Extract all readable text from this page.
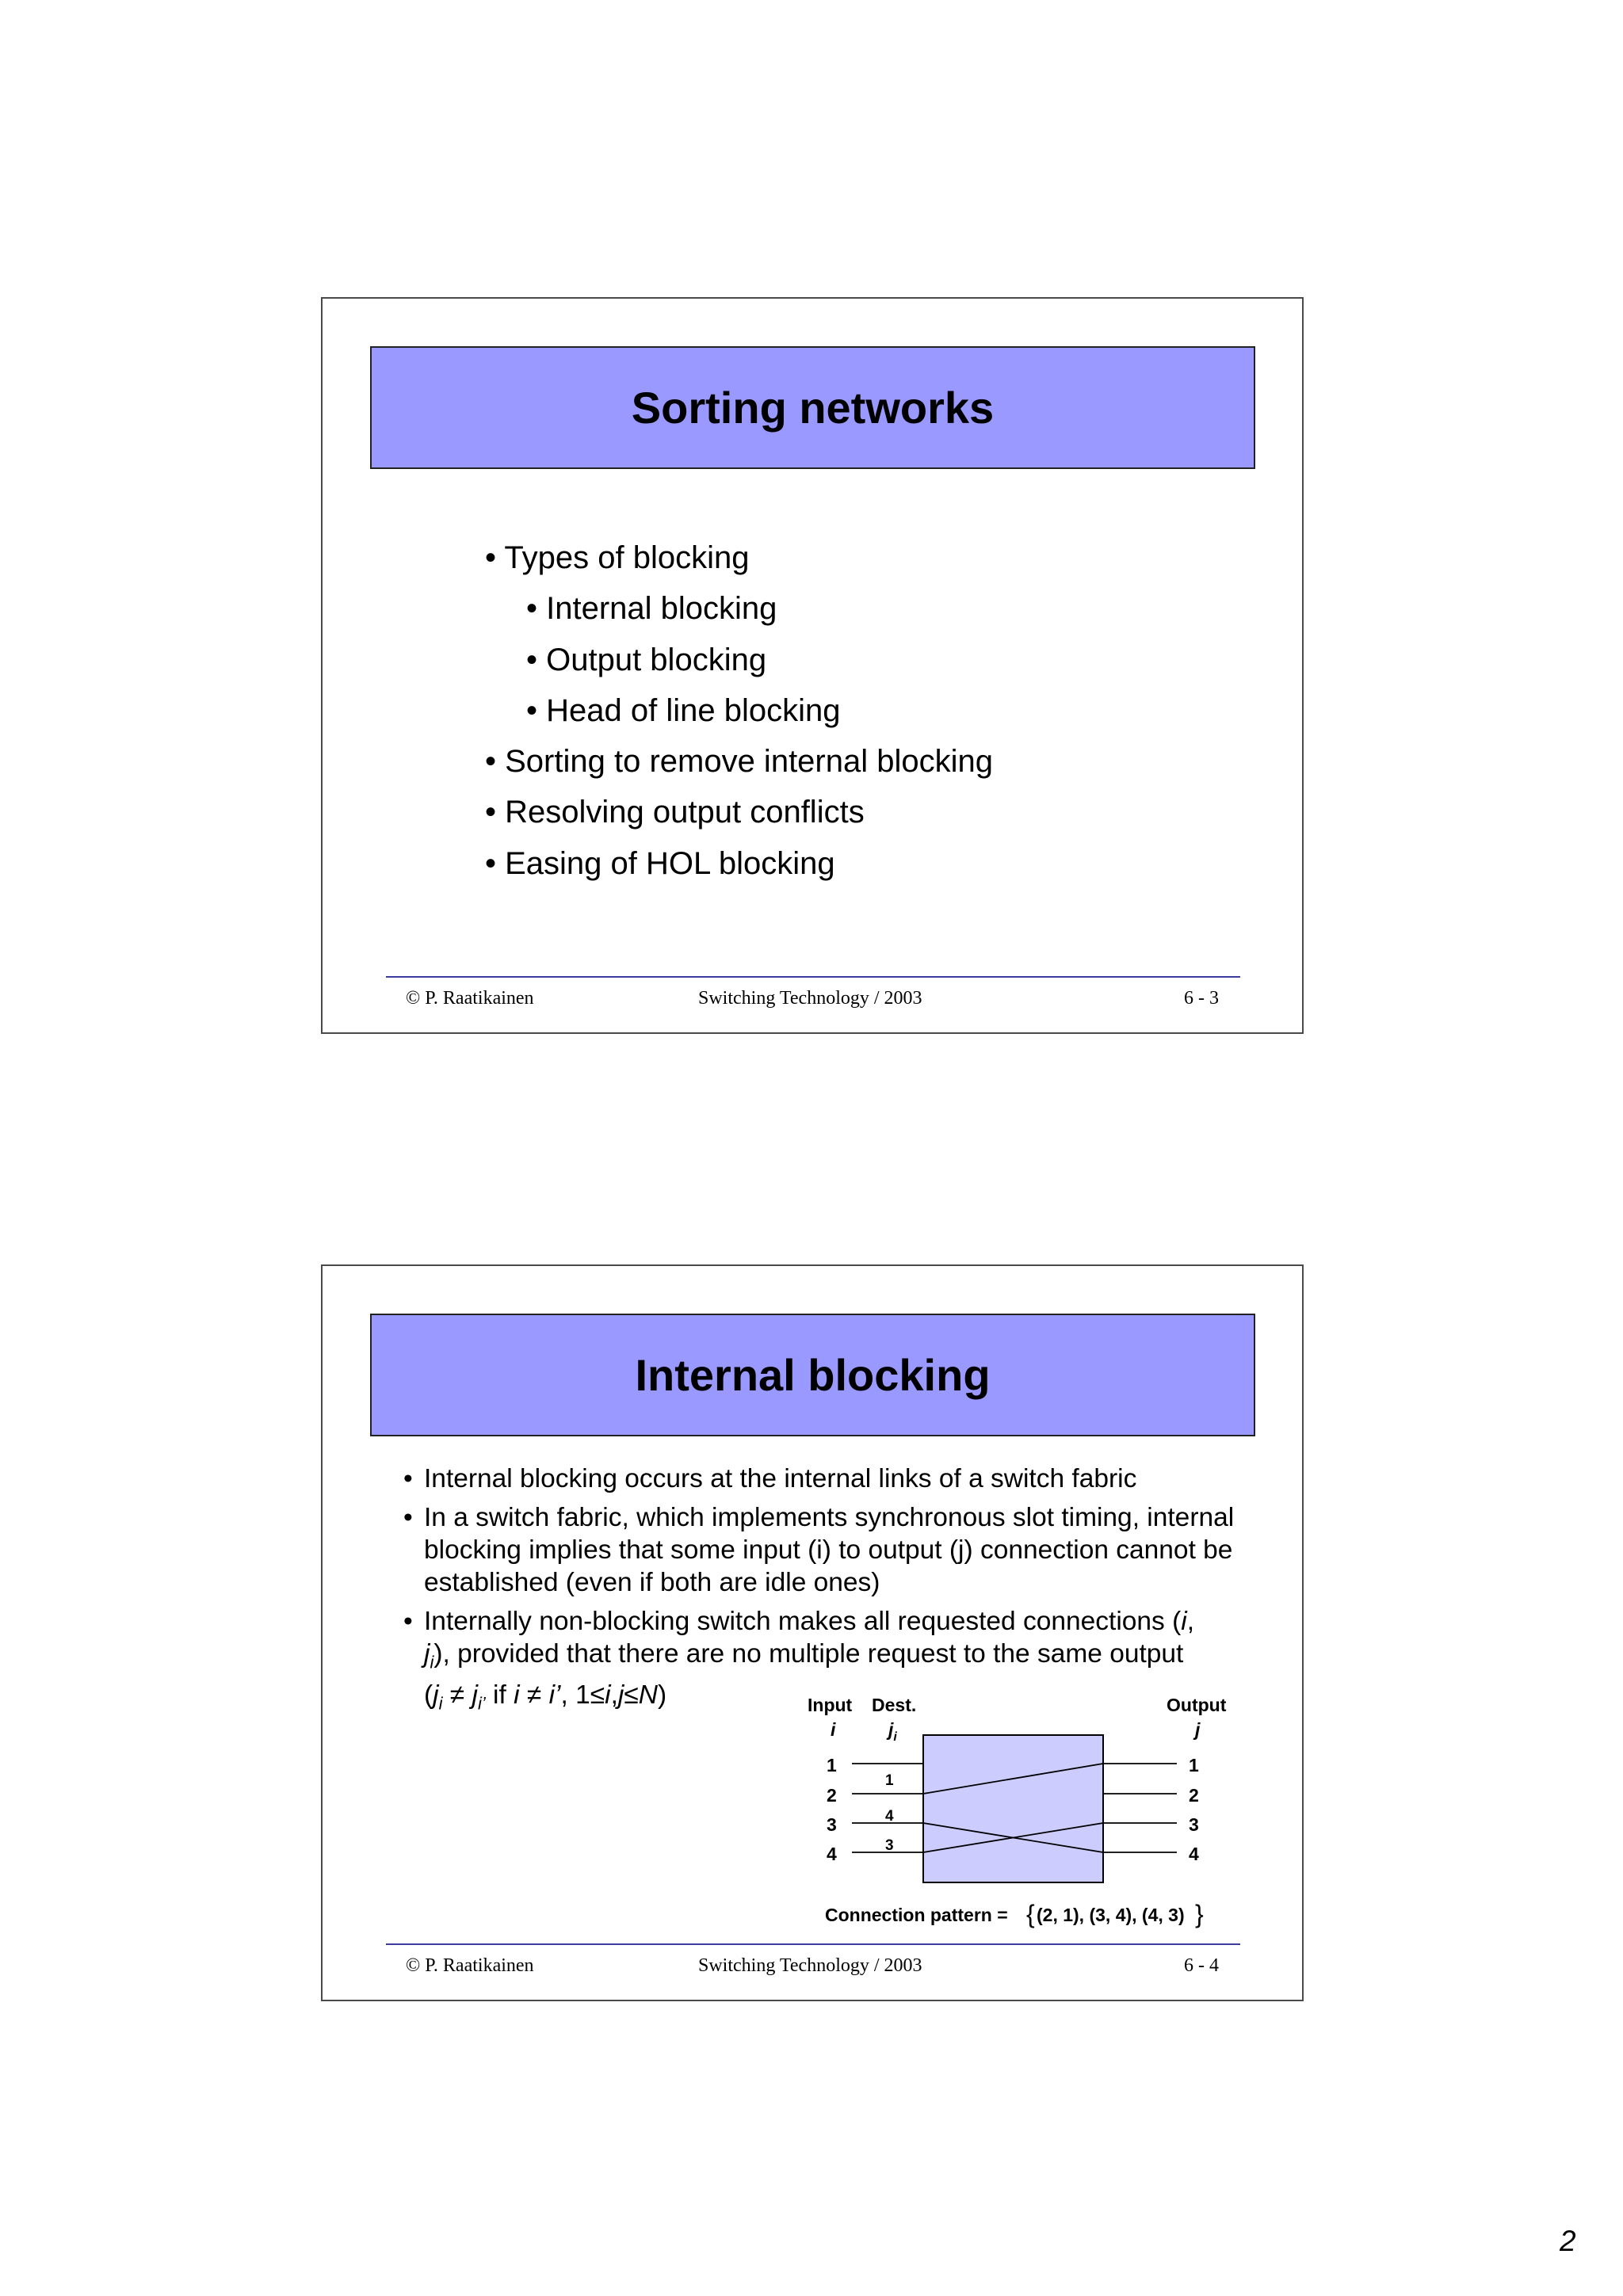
Sorting networks
• Types of blocking
• Internal blocking
• Output blocking
• Head of line blocking
• Sorting to remove internal blocking
• Resolving output conflicts
• Easing of HOL blocking
© P. Raatikainen	Switching Technology / 2003	6 - 3
Internal blocking
• Internal blocking occurs at the internal links of a switch fabric
• In a switch fabric, which implements synchronous slot timing, internal blocking implies that some input (i) to output (j) connection cannot be established (even if both are idle ones)
• Internally non-blocking switch makes all requested connections (i, $j_i$), provided that there are no multiple request to the same output ($j_i \ne j_{i’}$ if i ≠ i’, 1≤i,j≤N)
© P. Raatikainen	Switching Technology / 2003	6 - 4
Input
i
Dest.
$j_i$
Output
j
1
2
3
4
1
2
3
4
1
4
3
Connection pattern = { (2, 1), (3, 4), (4, 3) }
2
